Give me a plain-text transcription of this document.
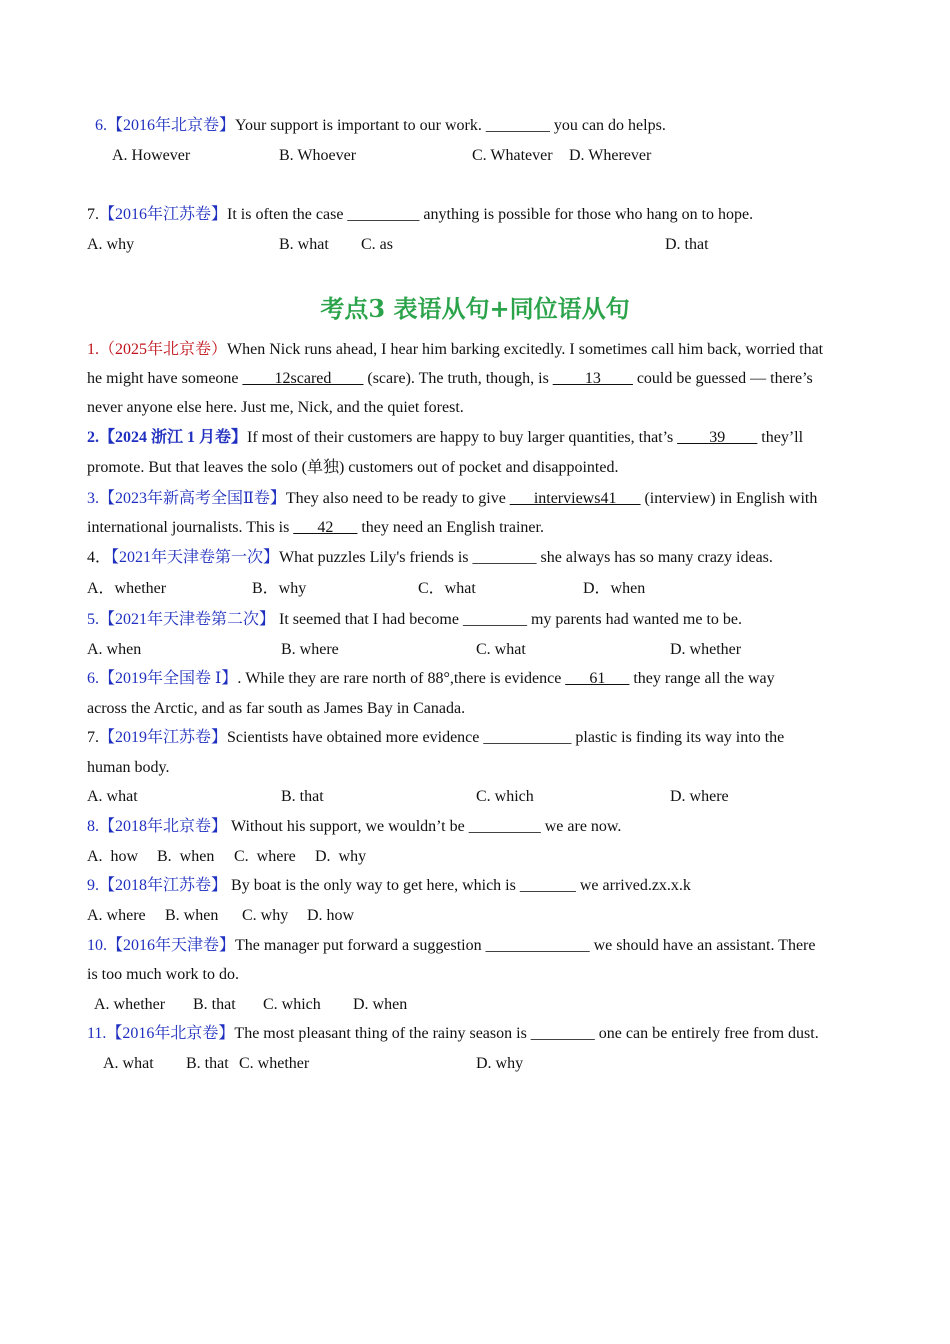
6.【2016年北京卷】Your support is important to our work. ________ you can do helps.
A. However	B. Whoever	C. Whatever D. Wherever
7.【2016年江苏卷】It is often the case _________ anything is possible for those who hang on to hope.
A. why	B. what C. as	D. that
考点3 表语从句+同位语从句
1.（2025年北京卷）When Nick runs ahead, I hear him barking excitedly. I sometimes call him back, worried that
he might have someone ____12scared____ (scare). The truth, though, is ____13____ could be guessed — there’s
never anyone else here. Just me, Nick, and the quiet forest.
2.【2024 浙江 1 月卷】If most of their customers are happy to buy larger quantities, that’s ____39____ they’ll
promote. But that leaves the solo (单独) customers out of pocket and disappointed.
3.【2023年新高考全国Ⅱ卷】They also need to be ready to give ___interviews41___ (interview) in English with
international journalists. This is ___42___ they need an English trainer.
4．【2021年天津卷第一次】What puzzles Lily's friends is ________ she always has so many crazy ideas.
A．whether	B．why	C．what	D．when
5.【2021年天津卷第二次】 It seemed that I had become ________ my parents had wanted me to be.
A. when	B. where	C. what	D. whether
6.【2019年全国卷 Ⅰ】. While they are rare north of 88°,there is evidence ___61___ they range all the way
across the Arctic, and as far south as James Bay in Canada.
7.【2019年江苏卷】Scientists have obtained more evidence ___________ plastic is finding its way into the
human body.
A. what	B. that	C. which	D. where
8.【2018年北京卷】 Without his support, we wouldn’t be _________ we are now.
A.  how B.  when C.  where D.  why
9.【2018年江苏卷】 By boat is the only way to get here, which is _______ we arrived.zx.x.k
A. where B. when C. why D. how
10.【2016年天津卷】The manager put forward a suggestion _____________ we should have an assistant. There
is too much work to do.
A. whether B. that C. which D. when
11.【2016年北京卷】The most pleasant thing of the rainy season is ________ one can be entirely free from dust.
A. what B. that C. whether	D. why
